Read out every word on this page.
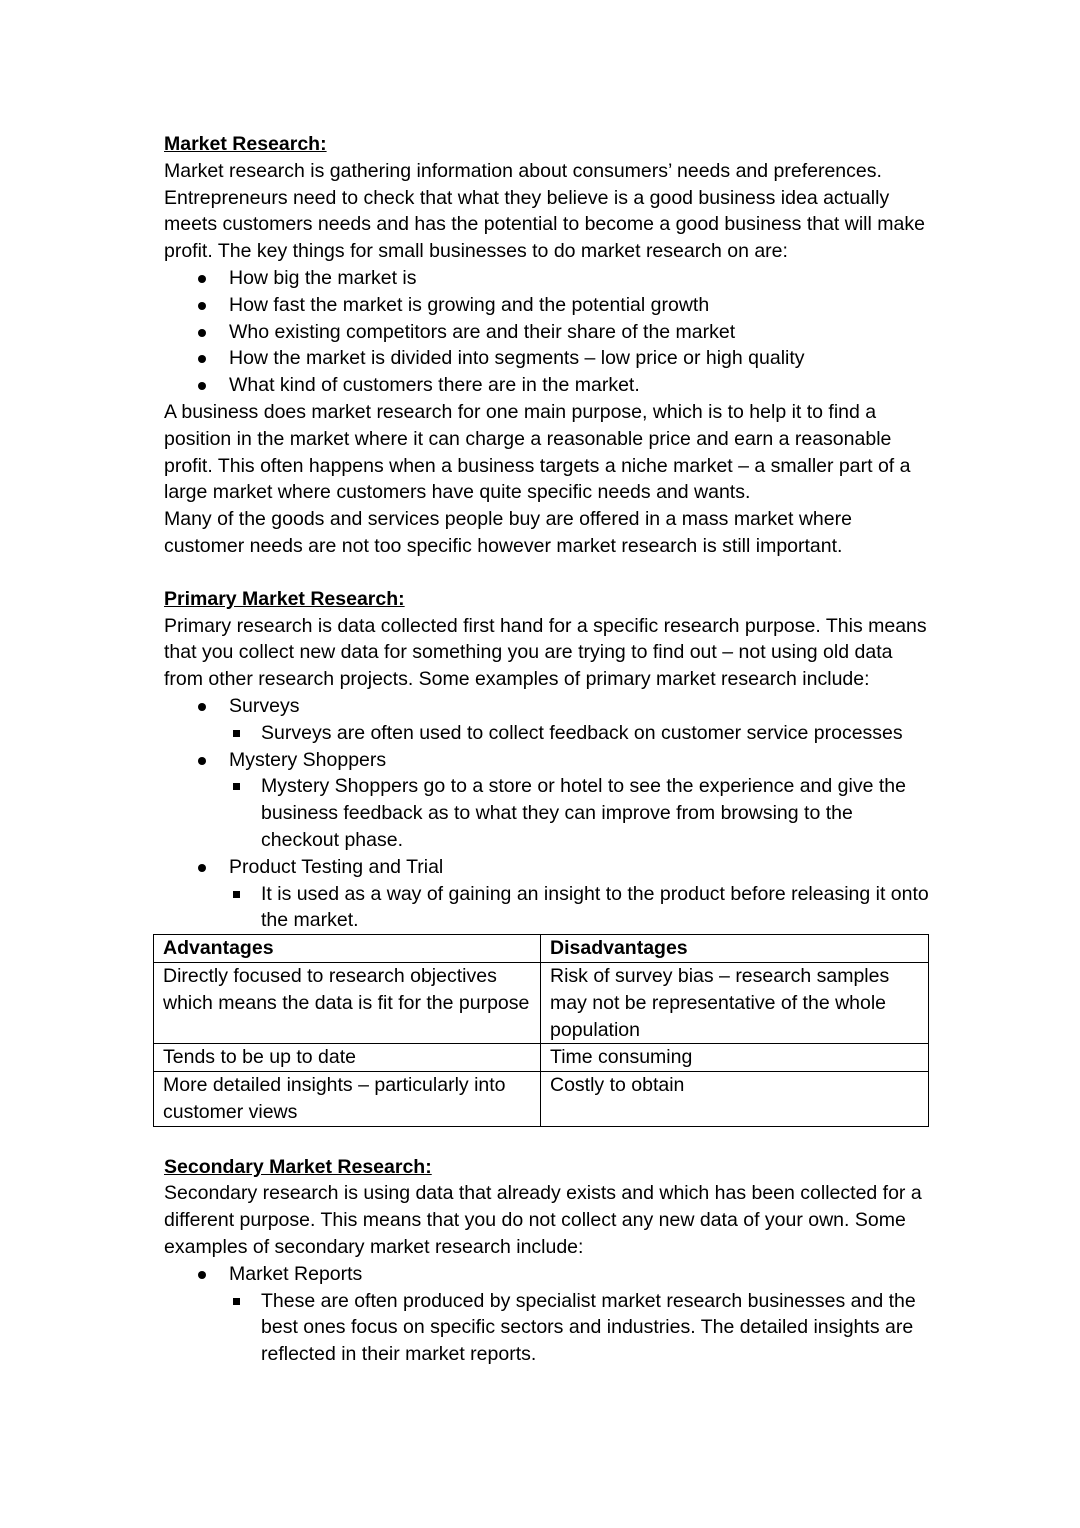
Market Research:

Market research is gathering information about consumers’ needs and preferences. Entrepreneurs need to check that what they believe is a good business idea actually meets customers needs and has the potential to become a good business that will make profit. The key things for small businesses to do market research on are:

How big the market is
How fast the market is growing and the potential growth
Who existing competitors are and their share of the market
How the market is divided into segments – low price or high quality
What kind of customers there are in the market.

A business does market research for one main purpose, which is to help it to find a position in the market where it can charge a reasonable price and earn a reasonable profit. This often happens when a business targets a niche market – a smaller part of a large market where customers have quite specific needs and wants.

Many of the goods and services people buy are offered in a mass market where customer needs are not too specific however market research is still important.

Primary Market Research:

Primary research is data collected first hand for a specific research purpose. This means that you collect new data for something you are trying to find out – not using old data from other research projects. Some examples of primary market research include:

Surveys
Surveys are often used to collect feedback on customer service processes
Mystery Shoppers
Mystery Shoppers go to a store or hotel to see the experience and give the business feedback as to what they can improve from browsing to the checkout phase.
Product Testing and Trial
It is used as a way of gaining an insight to the product before releasing it onto the market.
Advantages	Disadvantages
Directly focused to research objectives which means the data is fit for the purpose	Risk of survey bias – research samples may not be representative of the whole population
Tends to be up to date	Time consuming
More detailed insights – particularly into customer views	Costly to obtain

Secondary Market Research:

Secondary research is using data that already exists and which has been collected for a different purpose. This means that you do not collect any new data of your own. Some examples of secondary market research include:

Market Reports
These are often produced by specialist market research businesses and the best ones focus on specific sectors and industries. The detailed insights are reflected in their market reports.
